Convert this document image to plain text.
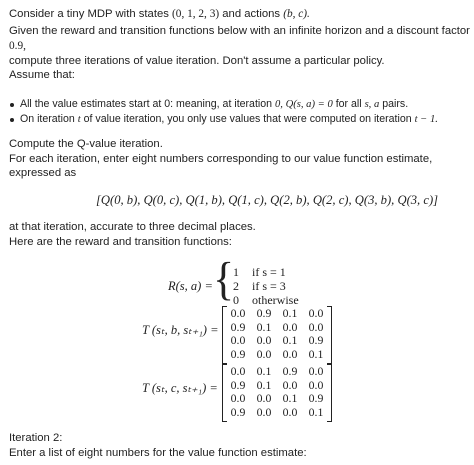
Consider a tiny MDP with states (0, 1, 2, 3) and actions (b, c).
Given the reward and transition functions below with an infinite horizon and a discount factor
0.9,
compute three iterations of value iteration. Don't assume a particular policy.
Assume that:
All the value estimates start at 0: meaning, at iteration 0, Q(s, a) = 0 for all s, a pairs.
On iteration t of value iteration, you only use values that were computed on iteration t − 1.
Compute the Q-value iteration.
For each iteration, enter eight numbers corresponding to our value function estimate,
expressed as
[Q(0, b), Q(0, c), Q(1, b), Q(1, c), Q(2, b), Q(2, c), Q(3, b), Q(3, c)]
at that iteration, accurate to three decimal places.
Here are the reward and transition functions:
R(s, a) = {
1 if s = 1
2 if s = 3
0 otherwise
T (sₜ, b, sₜ₊₁) =
0.0 0.9 0.1 0.0
0.9 0.1 0.0 0.0
0.0 0.0 0.1 0.9
0.9 0.0 0.0 0.1
T (sₜ, c, sₜ₊₁) =
0.0 0.1 0.9 0.0
0.9 0.1 0.0 0.0
0.0 0.0 0.1 0.9
0.9 0.0 0.0 0.1
Iteration 2:
Enter a list of eight numbers for the value function estimate:
